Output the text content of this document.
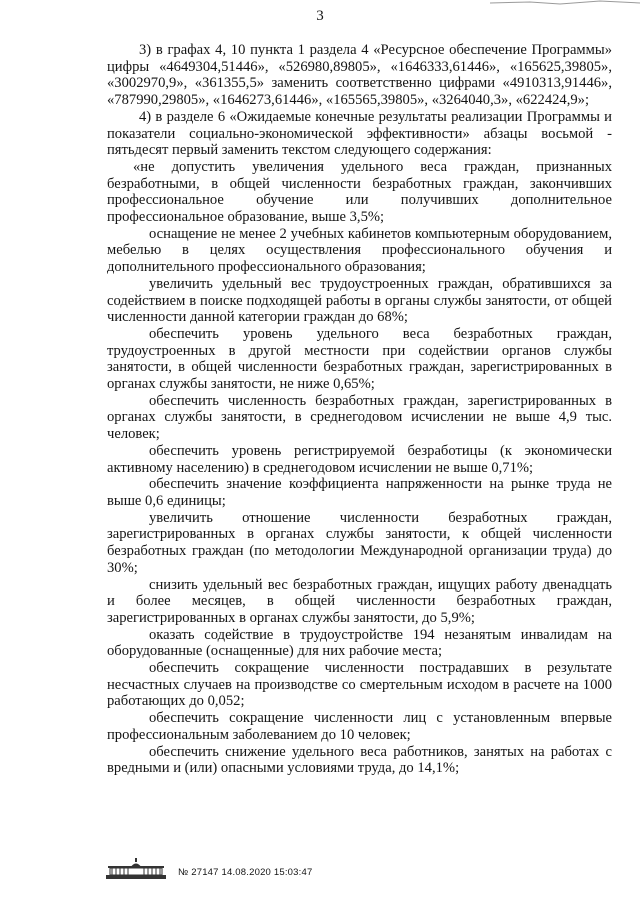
3

3) в графах 4, 10 пункта 1 раздела 4 «Ресурсное обеспечение Программы» цифры «4649304,51446», «526980,89805», «1646333,61446», «165625,39805», «3002970,9», «361355,5» заменить соответственно цифрами «4910313,91446», «787990,29805», «1646273,61446», «165565,39805», «3264040,3», «622424,9»;

4) в разделе 6 «Ожидаемые конечные результаты реализации Программы и показатели социально-экономической эффективности» абзацы восьмой - пятьдесят первый заменить текстом следующего содержания:

«не допустить увеличения удельного веса граждан, признанных безработными, в общей численности безработных граждан, закончивших профессиональное обучение или получивших дополнительное профессиональное образование, выше 3,5%;

оснащение не менее 2 учебных кабинетов компьютерным оборудованием, мебелью в целях осуществления профессионального обучения и дополнительного профессионального образования;

увеличить удельный вес трудоустроенных граждан, обратившихся за содействием в поиске подходящей работы в органы службы занятости, от общей численности данной категории граждан до 68%;

обеспечить уровень удельного веса безработных граждан, трудоустроенных в другой местности при содействии органов службы занятости, в общей численности безработных граждан, зарегистрированных в органах службы занятости, не ниже 0,65%;

обеспечить численность безработных граждан, зарегистрированных в органах службы занятости, в среднегодовом исчислении не выше 4,9 тыс. человек;

обеспечить уровень регистрируемой безработицы (к экономически активному населению) в среднегодовом исчислении не выше 0,71%;

обеспечить значение коэффициента напряженности на рынке труда не выше 0,6 единицы;

увеличить отношение численности безработных граждан, зарегистрированных в органах службы занятости, к общей численности безработных граждан (по методологии Международной организации труда) до 30%;

снизить удельный вес безработных граждан, ищущих работу двенадцать и более месяцев, в общей численности безработных граждан, зарегистрированных в органах службы занятости, до 5,9%;

оказать содействие в трудоустройстве 194 незанятым инвалидам на оборудованные (оснащенные) для них рабочие места;

обеспечить сокращение численности пострадавших в результате несчастных случаев на производстве со смертельным исходом в расчете на 1000 работающих до 0,052;

обеспечить сокращение численности лиц с установленным впервые профессиональным заболеванием до 10 человек;

обеспечить снижение удельного веса работников, занятых на работах с вредными и (или) опасными условиями труда, до 14,1%;

№ 27147 14.08.2020 15:03:47
